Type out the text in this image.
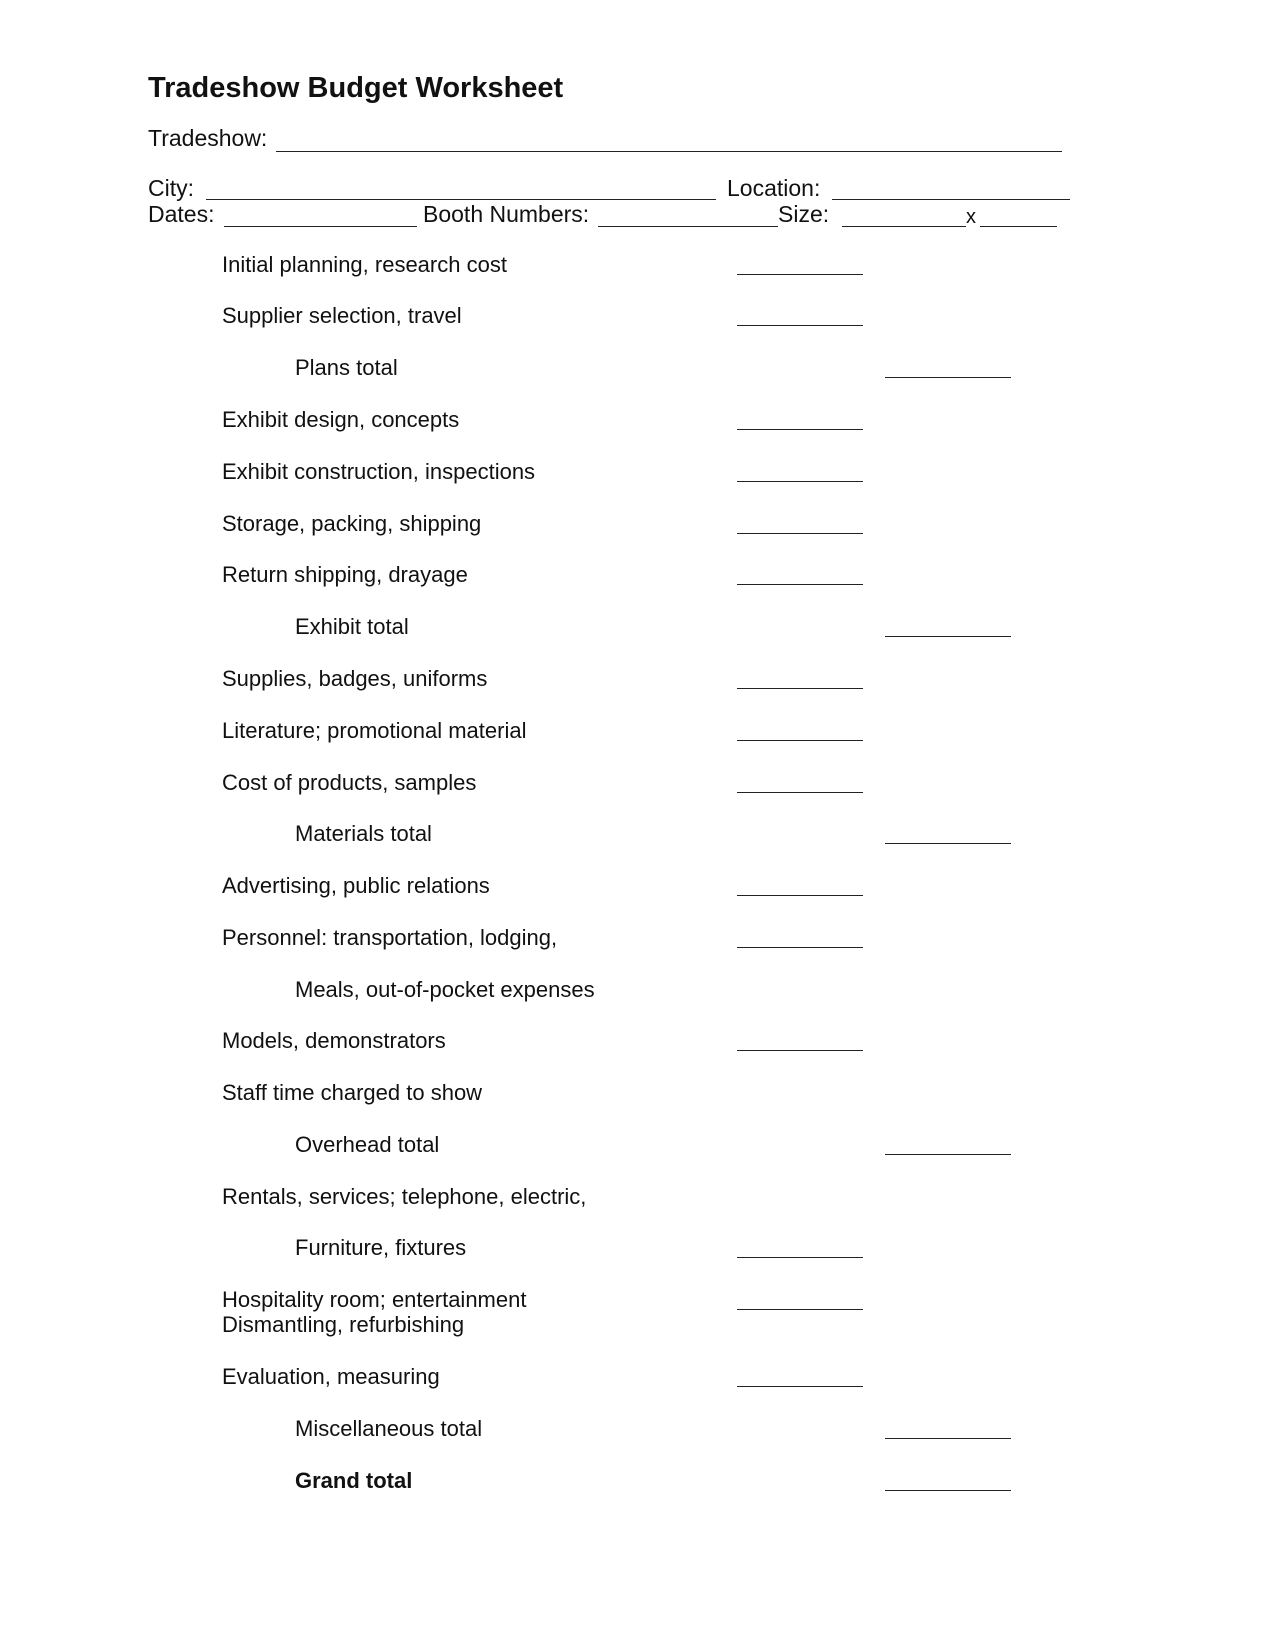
Tradeshow Budget Worksheet
Tradeshow:
City:	Location:
Dates:	Booth Numbers:	Size:	x
Initial planning, research cost
Supplier selection, travel
Plans total
Exhibit design, concepts
Exhibit construction, inspections
Storage, packing, shipping
Return shipping, drayage
Exhibit total
Supplies, badges, uniforms
Literature; promotional material
Cost of products, samples
Materials total
Advertising, public relations
Personnel: transportation, lodging,
Meals, out-of-pocket expenses
Models, demonstrators
Staff time charged to show
Overhead total
Rentals, services; telephone, electric,
Furniture, fixtures
Hospitality room; entertainment
Dismantling, refurbishing
Evaluation, measuring
Miscellaneous total
Grand total
